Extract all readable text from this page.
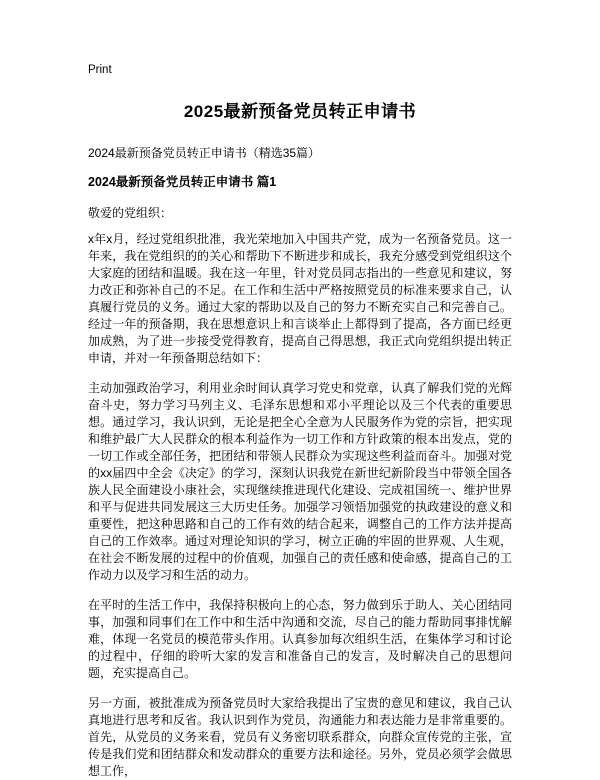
Print
2025最新预备党员转正申请书
2024最新预备党员转正申请书（精选35篇）
2024最新预备党员转正申请书 篇1

敬爱的党组织：

x年x月，经过党组织批准，我光荣地加入中国共产党，成为一名预备党员。这一年来，我在党组织的的关心和帮助下不断进步和成长，我充分感受到党组织这个大家庭的团结和温暖。我在这一年里，针对党员同志指出的一些意见和建议，努力改正和弥补自己的不足。在工作和生活中严格按照党员的标准来要求自己，认真履行党员的义务。通过大家的帮助以及自己的努力不断充实自己和完善自己。经过一年的预备期，我在思想意识上和言谈举止上都得到了提高，各方面已经更加成熟，为了进一步接受党得教育，提高自己得思想，我正式向党组织提出转正申请，并对一年预备期总结如下：

主动加强政治学习，利用业余时间认真学习党史和党章，认真了解我们党的光辉奋斗史，努力学习马列主义、毛泽东思想和邓小平理论以及三个代表的重要思想。通过学习，我认识到，无论是把全心全意为人民服务作为党的宗旨，把实现和维护最广大人民群众的根本利益作为一切工作和方针政策的根本出发点，党的一切工作或全部任务，把团结和带领人民群众为实现这些利益而奋斗。加强对党的xx届四中全会《决定》的学习，深刻认识我党在新世纪新阶段当中带领全国各族人民全面建设小康社会，实现继续推进现代化建设、完成祖国统一、维护世界和平与促进共同发展这三大历史任务。加强学习领悟加强党的执政建设的意义和重要性，把这种思路和自己的工作有效的结合起来，调整自己的工作方法并提高自己的工作效率。通过对理论知识的学习，树立正确的牢固的世界观、人生观，在社会不断发展的过程中的价值观，加强自己的责任感和使命感，提高自己的工作动力以及学习和生活的动力。

在平时的生活工作中，我保持积极向上的心态，努力做到乐于助人、关心团结同事，加强和同事们在工作中和生活中沟通和交流，尽自己的能力帮助同事排忧解难，体现一名党员的模范带头作用。认真参加每次组织生活，在集体学习和讨论的过程中，仔细的聆听大家的发言和准备自己的发言，及时解决自己的思想问题，充实提高自己。

另一方面，被批准成为预备党员时大家给我提出了宝贵的意见和建议，我自己认真地进行思考和反省。我认识到作为党员，沟通能力和表达能力是非常重要的。首先，从党员的义务来看，党员有义务密切联系群众，向群众宣传党的主张，宣传是我们党和团结群众和发动群众的重要方法和途径。另外，党员必须学会做思想工作，
